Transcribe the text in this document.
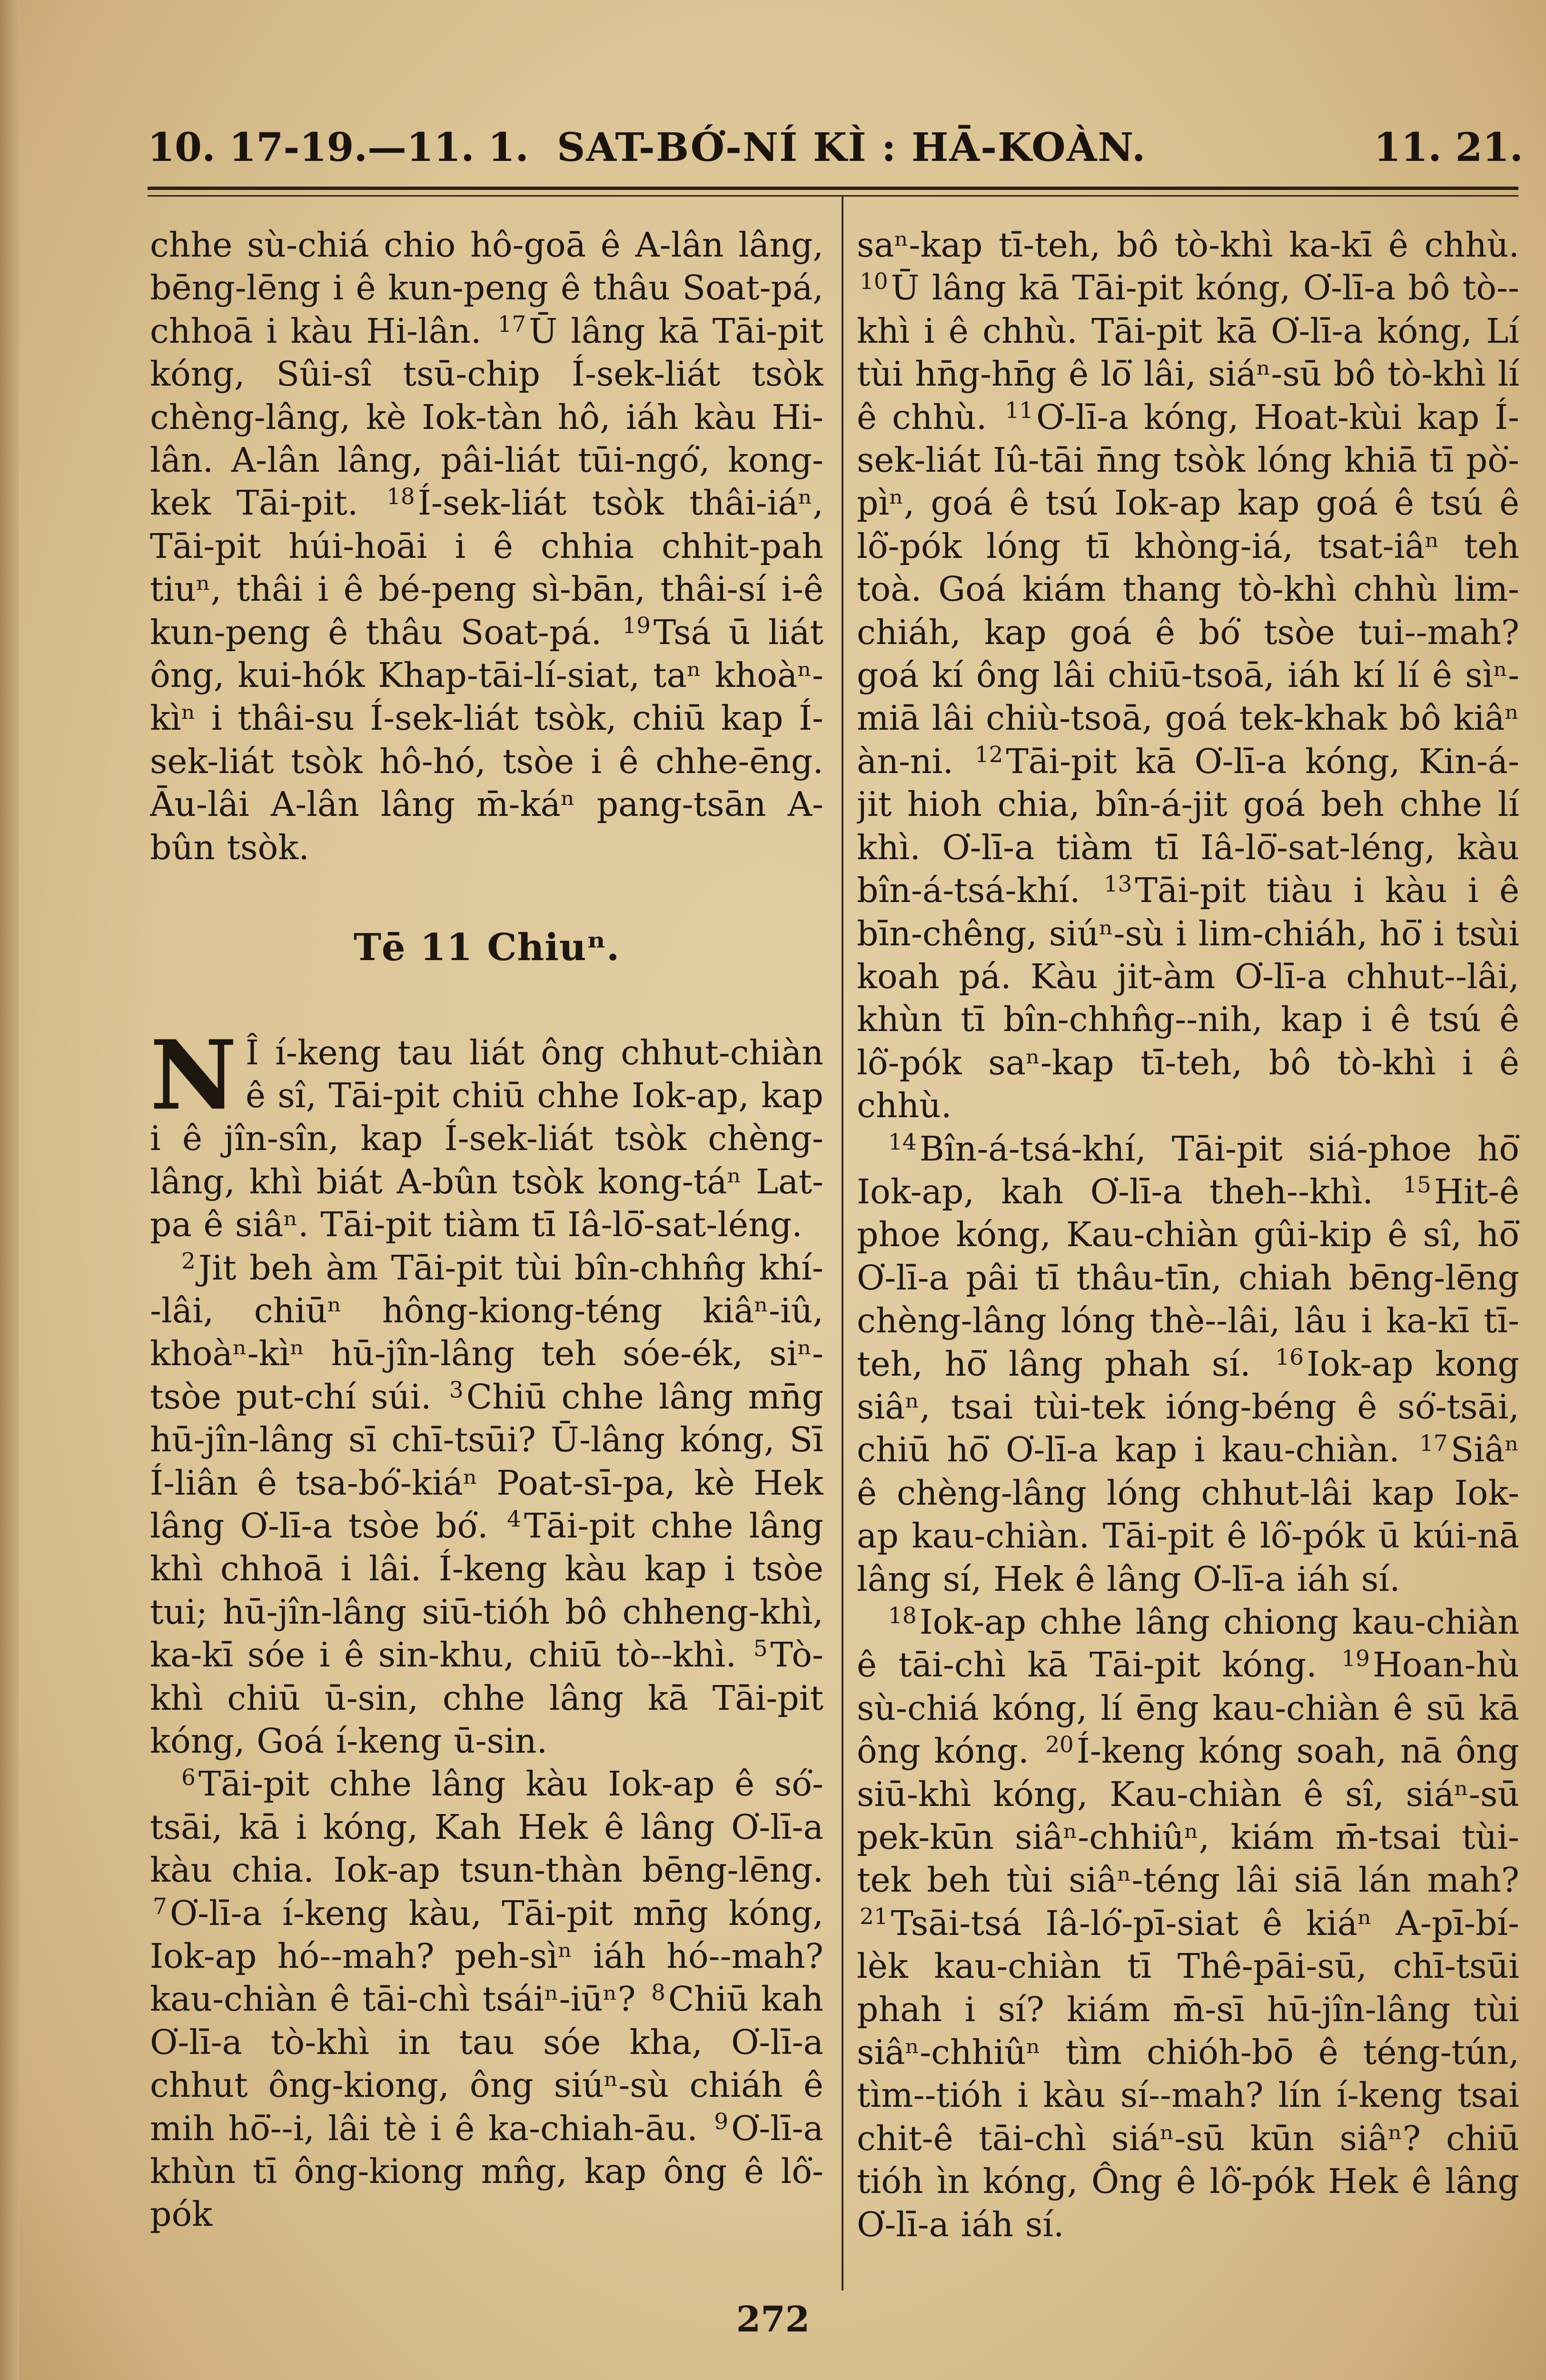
10. 17-19.—11. 1. SAT-BÓ͘-NÍ KÌ : HĀ-KOÀN.	11. 21.

chhe sù-chiá chio hô-goā ê A-lân lâng, bēng-lēng i ê kun-peng ê thâu Soat-pá, chhoā i kàu Hi-lân. $^{17}$Ū lâng kā Tāi-pit kóng, Sûi-sî tsū-chip Í-sek-liát tsòk chèng-lâng, kè Iok-tàn hô, iáh kàu Hi-lân. A-lân lâng, pâi-liát tūi-ngó͘, kong-kek Tāi-pit. $^{18}$Í-sek-liát tsòk thâi-iáⁿ, Tāi-pit húi-hoāi i ê chhia chhit-pah tiuⁿ, thâi i ê bé-peng sì-bān, thâi-sí i-ê kun-peng ê thâu Soat-pá. $^{19}$Tsá ū liát ông, kui-hók Khap-tāi-lí-siat, taⁿ khoàⁿ-kìⁿ i thâi-su Í-sek-liát tsòk, chiū kap Í-sek-liát tsòk hô-hó, tsòe i ê chhe-ēng. Āu-lâi A-lân lâng m̄-káⁿ pang-tsān A-bûn tsòk.

Tē 11 Chiuⁿ.

N Î í-keng tau liát ông chhut-chiàn ê sî, Tāi-pit chiū chhe Iok-ap, kap i ê jîn-sîn, kap Í-sek-liát tsòk chèng-lâng, khì biát A-bûn tsòk kong-táⁿ Lat-pa ê siâⁿ. Tāi-pit tiàm tī Iâ-lō͘-sat-léng.

$^2$Jit beh àm Tāi-pit tùi bîn-chhn̂g khí--lâi, chiūⁿ hông-kiong-téng kiâⁿ-iû, khoàⁿ-kìⁿ hū-jîn-lâng teh sóe-ék, siⁿ-tsòe put-chí súi. $^3$Chiū chhe lâng mn̄g hū-jîn-lâng sī chī-tsūi? Ū-lâng kóng, Sī Í-liân ê tsa-bó͘-kiáⁿ Poat-sī-pa, kè Hek lâng O͘-lī-a tsòe bó͘. $^4$Tāi-pit chhe lâng khì chhoā i lâi. Í-keng kàu kap i tsòe tui; hū-jîn-lâng siū-tióh bô chheng-khì, ka-kī sóe i ê sin-khu, chiū tò--khì. $^5$Tò-khì chiū ū-sin, chhe lâng kā Tāi-pit kóng, Goá í-keng ū-sin.

$^6$Tāi-pit chhe lâng kàu Iok-ap ê só͘-tsāi, kā i kóng, Kah Hek ê lâng O͘-lī-a kàu chia. Iok-ap tsun-thàn bēng-lēng. $^7$O͘-lī-a í-keng kàu, Tāi-pit mn̄g kóng, Iok-ap hó--mah? peh-sìⁿ iáh hó--mah? kau-chiàn ê tāi-chì tsáiⁿ-iūⁿ? $^8$Chiū kah O͘-lī-a tò-khì in tau sóe kha, O͘-lī-a chhut ông-kiong, ông siúⁿ-sù chiáh ê mih hō͘--i, lâi tè i ê ka-chiah-āu. $^9$O͘-lī-a khùn tī ông-kiong mn̂g, kap ông ê lô͘-pók

saⁿ-kap tī-teh, bô tò-khì ka-kī ê chhù. $^{10}$Ū lâng kā Tāi-pit kóng, O͘-lī-a bô tò--khì i ê chhù. Tāi-pit kā O͘-lī-a kóng, Lí tùi hn̄g-hn̄g ê lō͘ lâi, siáⁿ-sū bô tò-khì lí ê chhù. $^{11}$O͘-lī-a kóng, Hoat-kùi kap Í-sek-liát Iû-tāi n̄ng tsòk lóng khiā tī pò͘-pìⁿ, goá ê tsú Iok-ap kap goá ê tsú ê lô͘-pók lóng tī khòng-iá, tsat-iâⁿ teh toà. Goá kiám thang tò-khì chhù lim-chiáh, kap goá ê bó͘ tsòe tui--mah? goá kí ông lâi chiū-tsoā, iáh kí lí ê sìⁿ-miā lâi chiù-tsoā, goá tek-khak bô kiâⁿ àn-ni. $^{12}$Tāi-pit kā O͘-lī-a kóng, Kin-á-jit hioh chia, bîn-á-jit goá beh chhe lí khì. O͘-lī-a tiàm tī Iâ-lō͘-sat-léng, kàu bîn-á-tsá-khí. $^{13}$Tāi-pit tiàu i kàu i ê bīn-chêng, siúⁿ-sù i lim-chiáh, hō͘ i tsùi koah pá. Kàu jit-àm O͘-lī-a chhut--lâi, khùn tī bîn-chhn̂g--nih, kap i ê tsú ê lô͘-pók saⁿ-kap tī-teh, bô tò-khì i ê chhù.

$^{14}$Bîn-á-tsá-khí, Tāi-pit siá-phoe hō͘ Iok-ap, kah O͘-lī-a theh--khì. $^{15}$Hit-ê phoe kóng, Kau-chiàn gûi-kip ê sî, hō͘ O͘-lī-a pâi tī thâu-tīn, chiah bēng-lēng chèng-lâng lóng thè--lâi, lâu i ka-kī tī-teh, hō͘ lâng phah sí. $^{16}$Iok-ap kong siâⁿ, tsai tùi-tek ióng-béng ê só͘-tsāi, chiū hō͘ O͘-lī-a kap i kau-chiàn. $^{17}$Siâⁿ ê chèng-lâng lóng chhut-lâi kap Iok-ap kau-chiàn. Tāi-pit ê lô͘-pók ū kúi-nā lâng sí, Hek ê lâng O͘-lī-a iáh sí.

$^{18}$Iok-ap chhe lâng chiong kau-chiàn ê tāi-chì kā Tāi-pit kóng. $^{19}$Hoan-hù sù-chiá kóng, lí ēng kau-chiàn ê sū kā ông kóng. $^{20}$Í-keng kóng soah, nā ông siū-khì kóng, Kau-chiàn ê sî, siáⁿ-sū pek-kūn siâⁿ-chhiûⁿ, kiám m̄-tsai tùi-tek beh tùi siâⁿ-téng lâi siā lán mah? $^{21}$Tsāi-tsá Iâ-ló͘-pī-siat ê kiáⁿ A-pī-bí-lèk kau-chiàn tī Thê-pāi-sū, chī-tsūi phah i sí? kiám m̄-sī hū-jîn-lâng tùi siâⁿ-chhiûⁿ tìm chióh-bō ê téng-tún, tìm--tióh i kàu sí--mah? lín í-keng tsai chit-ê tāi-chì siáⁿ-sū kūn siâⁿ? chiū tióh ìn kóng, Ông ê lô͘-pók Hek ê lâng O͘-lī-a iáh sí.

272
